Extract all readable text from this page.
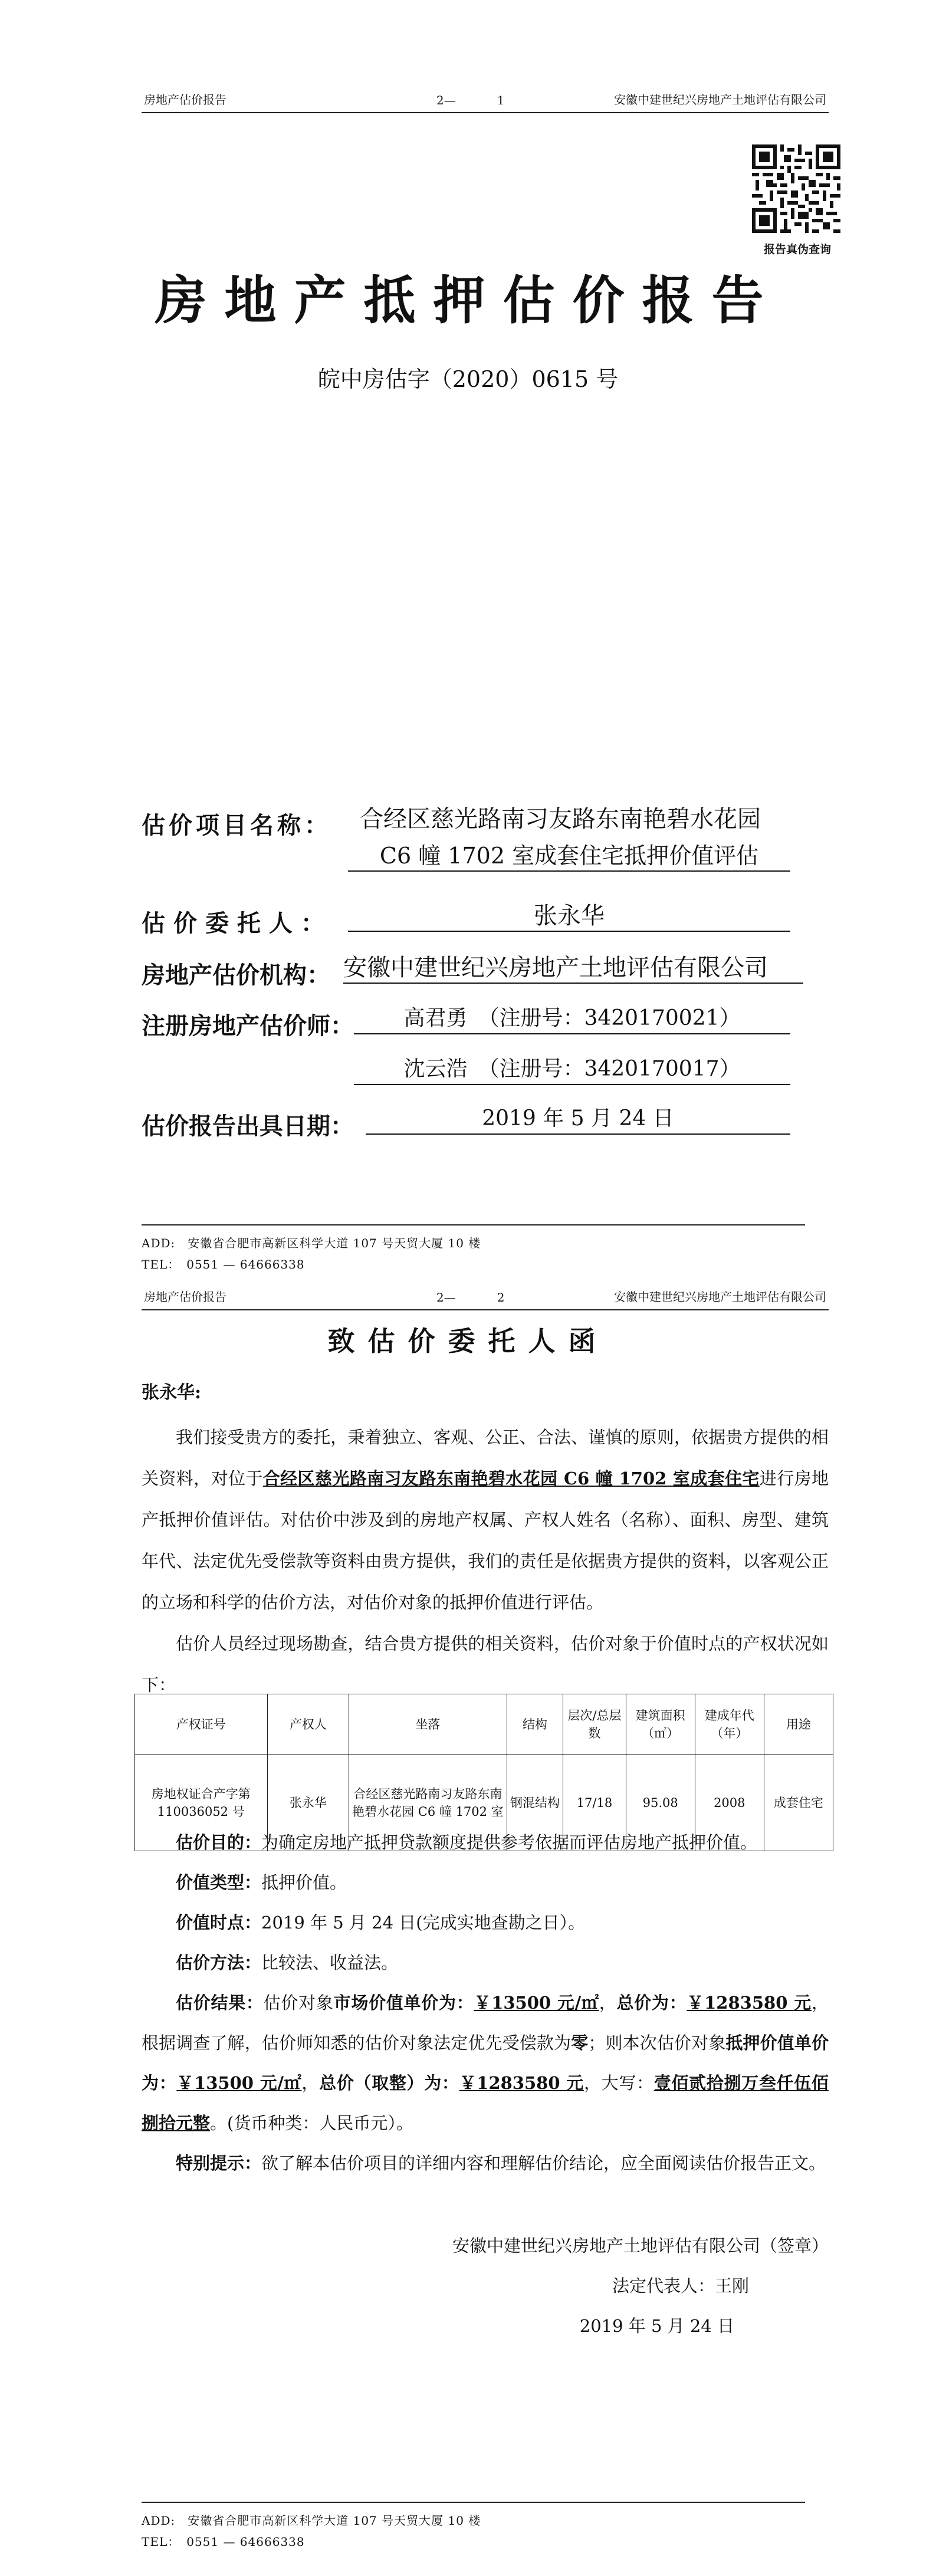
房地产估价报告	2—	1	安徽中建世纪兴房地产土地评估有限公司
报告真伪查询
房地产抵押估价报告
皖中房估字（2020）0615 号
估价项目名称： 合经区慈光路南习友路东南艳碧水花园
C6 幢 1702 室成套住宅抵押价值评估
估价委托人：	张永华
房地产估价机构： 安徽中建世纪兴房地产土地评估有限公司
注册房地产估价师：	高君勇　（注册号：3420170021）
沈云浩　（注册号：3420170017）
估价报告出具日期：	2019 年 5 月 24 日
ADD:　安徽省合肥市高新区科学大道 107 号天贸大厦 10 楼
TEL：　0551 — 64666338
房地产估价报告	2—	2	安徽中建世纪兴房地产土地评估有限公司
致估价委托人函
张永华:

我们接受贵方的委托，秉着独立、客观、公正、合法、谨慎的原则，依据贵方提供的相关资料，对位于合经区慈光路南习友路东南艳碧水花园 C6 幢 1702 室成套住宅进行房地产抵押价值评估。对估价中涉及到的房地产权属、产权人姓名（名称）、面积、房型、建筑年代、法定优先受偿款等资料由贵方提供，我们的责任是依据贵方提供的资料，以客观公正的立场和科学的估价方法，对估价对象的抵押价值进行评估。

估价人员经过现场勘查，结合贵方提供的相关资料，估价对象于价值时点的产权状况如下：

产权证号	产权人	坐落	结构	层次/总层数	建筑面积（㎡）	建成年代（年）	用途
房地权证合产字第110036052 号	张永华	合经区慈光路南习友路东南艳碧水花园 C6 幢 1702 室	钢混结构	17/18	95.08	2008	成套住宅

估价目的：为确定房地产抵押贷款额度提供参考依据而评估房地产抵押价值。

价值类型：抵押价值。

价值时点：2019 年 5 月 24 日(完成实地查勘之日）。

估价方法：比较法、收益法。

估价结果：估价对象市场价值单价为：￥13500 元/㎡，总价为：￥1283580 元，根据调查了解，估价师知悉的估价对象法定优先受偿款为零；则本次估价对象抵押价值单价为：￥13500 元/㎡，总价（取整）为：￥1283580 元，大写：壹佰贰拾捌万叁仟伍佰捌拾元整。(货币种类：人民币元）。

特别提示：欲了解本估价项目的详细内容和理解估价结论，应全面阅读估价报告正文。

安徽中建世纪兴房地产土地评估有限公司（签章）
法定代表人：王刚
2019 年 5 月 24 日
ADD:　安徽省合肥市高新区科学大道 107 号天贸大厦 10 楼
TEL：　0551 — 64666338
